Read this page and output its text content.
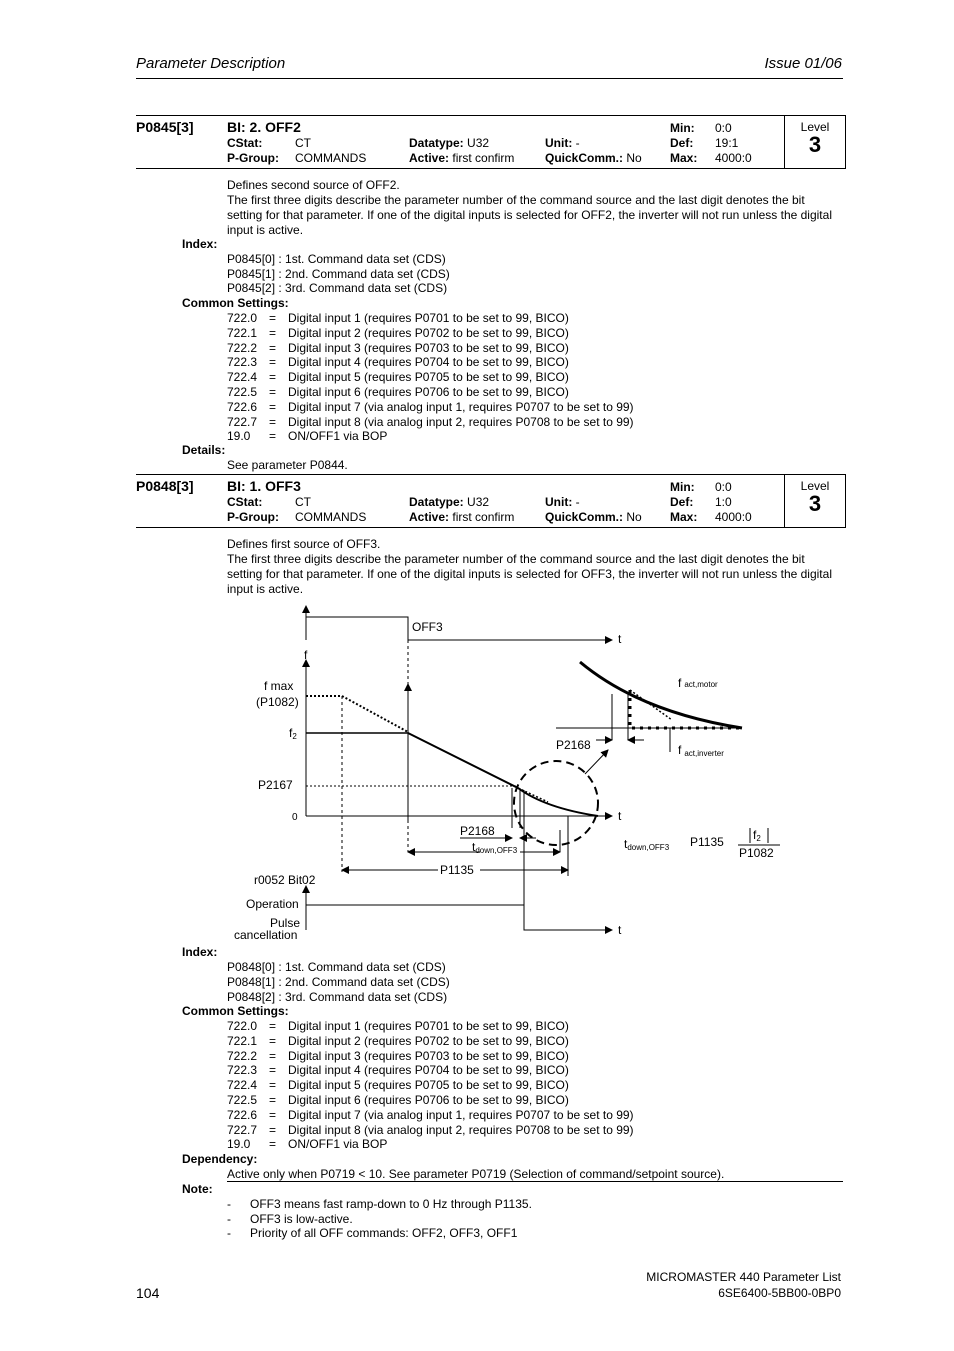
Parameter Description	Issue 01/06
Level
3
P0845[3] BI: 2. OFF2
CStat:	CT
P-Group: COMMANDS
Datatype: U32
Active: first confirm
Unit: -
QuickComm.: No
Min: 0:0
Def: 19:1
Max: 4000:0
Defines second source of OFF2.
The first three digits describe the parameter number of the command source and the last digit denotes the bit setting for that parameter. If one of the digital inputs is selected for OFF2, the inverter will not run unless the digital input is active.
Index:
P0845[0] : 1st. Command data set (CDS)
P0845[1] : 2nd. Command data set (CDS)
P0845[2] : 3rd. Command data set (CDS)
Common Settings:
722.0 = Digital input 1 (requires P0701 to be set to 99, BICO)
722.1 = Digital input 2 (requires P0702 to be set to 99, BICO)
722.2 = Digital input 3 (requires P0703 to be set to 99, BICO)
722.3 = Digital input 4 (requires P0704 to be set to 99, BICO)
722.4 = Digital input 5 (requires P0705 to be set to 99, BICO)
722.5 = Digital input 6 (requires P0706 to be set to 99, BICO)
722.6 = Digital input 7 (via analog input 1, requires P0707 to be set to 99)
722.7 = Digital input 8 (via analog input 2, requires P0708 to be set to 99)
19.0 = ON/OFF1 via BOP
Details:
See parameter P0844.
Level
3
P0848[3] BI: 1. OFF3
CStat:	CT
P-Group: COMMANDS
Datatype: U32
Active: first confirm
Unit: -
QuickComm.: No
Min: 0:0
Def: 1:0
Max: 4000:0
Defines first source of OFF3.
The first three digits describe the parameter number of the command source and the last digit denotes the bit setting for that parameter. If one of the digital inputs is selected for OFF3, the inverter will not run unless the digital input is active.
OFF3
t
t
t
f
f max
(P1082)
f2
P2167
0
P2168
tdown,OFF3
P1135
r0052 Bit02
Operation
Pulse
cancellation
fact,motor
fact,inverter
P2168
tdown,OFF3 P1135 f2
P1082
Index:
P0848[0] : 1st. Command data set (CDS)
P0848[1] : 2nd. Command data set (CDS)
P0848[2] : 3rd. Command data set (CDS)
Common Settings:
722.0 = Digital input 1 (requires P0701 to be set to 99, BICO)
722.1 = Digital input 2 (requires P0702 to be set to 99, BICO)
722.2 = Digital input 3 (requires P0703 to be set to 99, BICO)
722.3 = Digital input 4 (requires P0704 to be set to 99, BICO)
722.4 = Digital input 5 (requires P0705 to be set to 99, BICO)
722.5 = Digital input 6 (requires P0706 to be set to 99, BICO)
722.6 = Digital input 7 (via analog input 1, requires P0707 to be set to 99)
722.7 = Digital input 8 (via analog input 2, requires P0708 to be set to 99)
19.0 = ON/OFF1 via BOP
Dependency:
Active only when P0719 < 10. See parameter P0719 (Selection of command/setpoint source).
Note:
- OFF3 means fast ramp-down to 0 Hz through P1135.
- OFF3 is low-active.
- Priority of all OFF commands: OFF2, OFF3, OFF1
104
MICROMASTER 440 Parameter List
6SE6400-5BB00-0BP0
